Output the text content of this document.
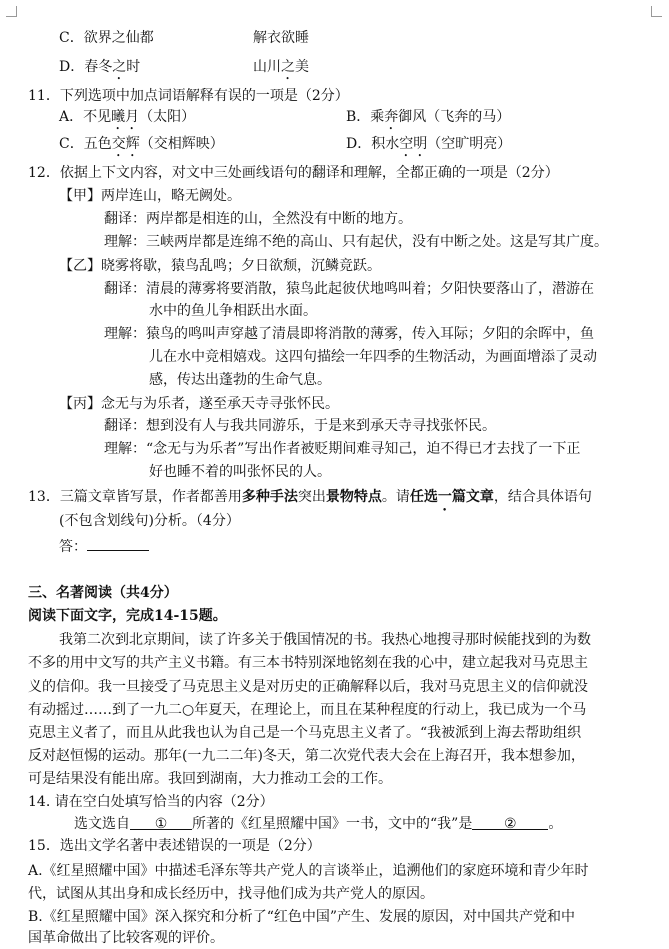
C．欲界之仙都	解衣欲睡
D．春冬之时	山川之美
11．下列选项中加点词语解释有误的一项是（2分）
A．不见曦月（太阳）	B．乘奔御风（飞奔的马）
C．五色交辉（交相辉映）	D．积水空明（空旷明亮）
12．依据上下文内容，对文中三处画线语句的翻译和理解，全都正确的一项是（2分）
【甲】两岸连山，略无阙处。
翻译：两岸都是相连的山，全然没有中断的地方。
理解：三峡两岸都是连绵不绝的高山、只有起伏，没有中断之处。这是写其广度。
【乙】晓雾将歇，猿鸟乱鸣；夕日欲颓，沉鳞竞跃。
翻译：清晨的薄雾将要消散，猿鸟此起彼伏地鸣叫着；夕阳快要落山了，潜游在
水中的鱼儿争相跃出水面。
理解：猿鸟的鸣叫声穿越了清晨即将消散的薄雾，传入耳际；夕阳的余晖中，鱼
儿在水中竞相嬉戏。这四句描绘一年四季的生物活动，为画面增添了灵动
感，传达出蓬勃的生命气息。
【丙】念无与为乐者，遂至承天寺寻张怀民。
翻译：想到没有人与我共同游乐，于是来到承天寺寻找张怀民。
理解：“念无与为乐者”写出作者被贬期间难寻知己，迫不得已才去找了一下正
好也睡不着的叫张怀民的人。
13．三篇文章皆写景，作者都善用多种手法突出景物特点。请任选一篇文章，结合具体语句
(不包含划线句)分析。（4分）
答：
三、名著阅读（共4分）
阅读下面文字，完成14-15题。
我第二次到北京期间，读了许多关于俄国情况的书。我热心地搜寻那时候能找到的为数
不多的用中文写的共产主义书籍。有三本书特别深地铭刻在我的心中，建立起我对马克思主
义的信仰。我一旦接受了马克思主义是对历史的正确解释以后，我对马克思主义的信仰就没
有动摇过……到了一九二○年夏天，在理论上，而且在某种程度的行动上，我已成为一个马
克思主义者了，而且从此我也认为自己是一个马克思主义者了。“我被派到上海去帮助组织
反对赵恒惕的运动。那年(一九二二年)冬天，第二次党代表大会在上海召开，我本想参加，
可是结果没有能出席。我回到湖南，大力推动工会的工作。
14. 请在空白处填写恰当的内容（2分）
选文选自 ① 所著的《红星照耀中国》一书，文中的“我”是 ② 。
15．选出文学名著中表述错误的一项是（2分）
A.《红星照耀中国》中描述毛泽东等共产党人的言谈举止，追溯他们的家庭环境和青少年时
代，试图从其出身和成长经历中，找寻他们成为共产党人的原因。
B.《红星照耀中国》深入探究和分析了“红色中国”产生、发展的原因，对中国共产党和中
国革命做出了比较客观的评价。
